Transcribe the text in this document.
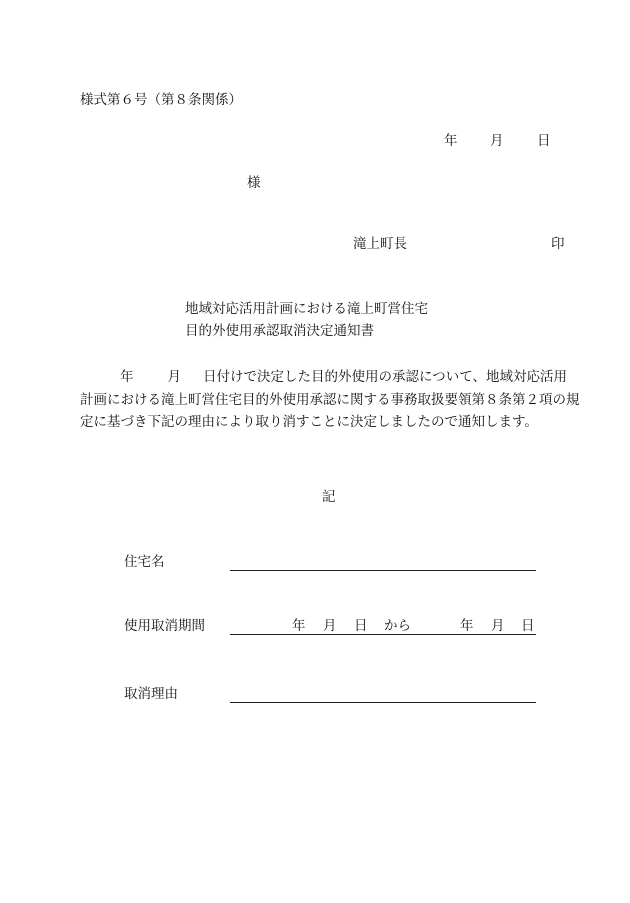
様式第６号（第８条関係）
年 月 日
様
滝上町長	印
地域対応活用計画における滝上町営住宅
目的外使用承認取消決定通知書
年	月 日付けで決定した目的外使用の承認について、地域対応活用計画における滝上町営住宅目的外使用承認に関する事務取扱要領第８条第２項の規定に基づき下記の理由により取り消すことに決定しましたので通知します。
記
住宅名
使用取消期間	年 月 日 から	年 月 日
取消理由
